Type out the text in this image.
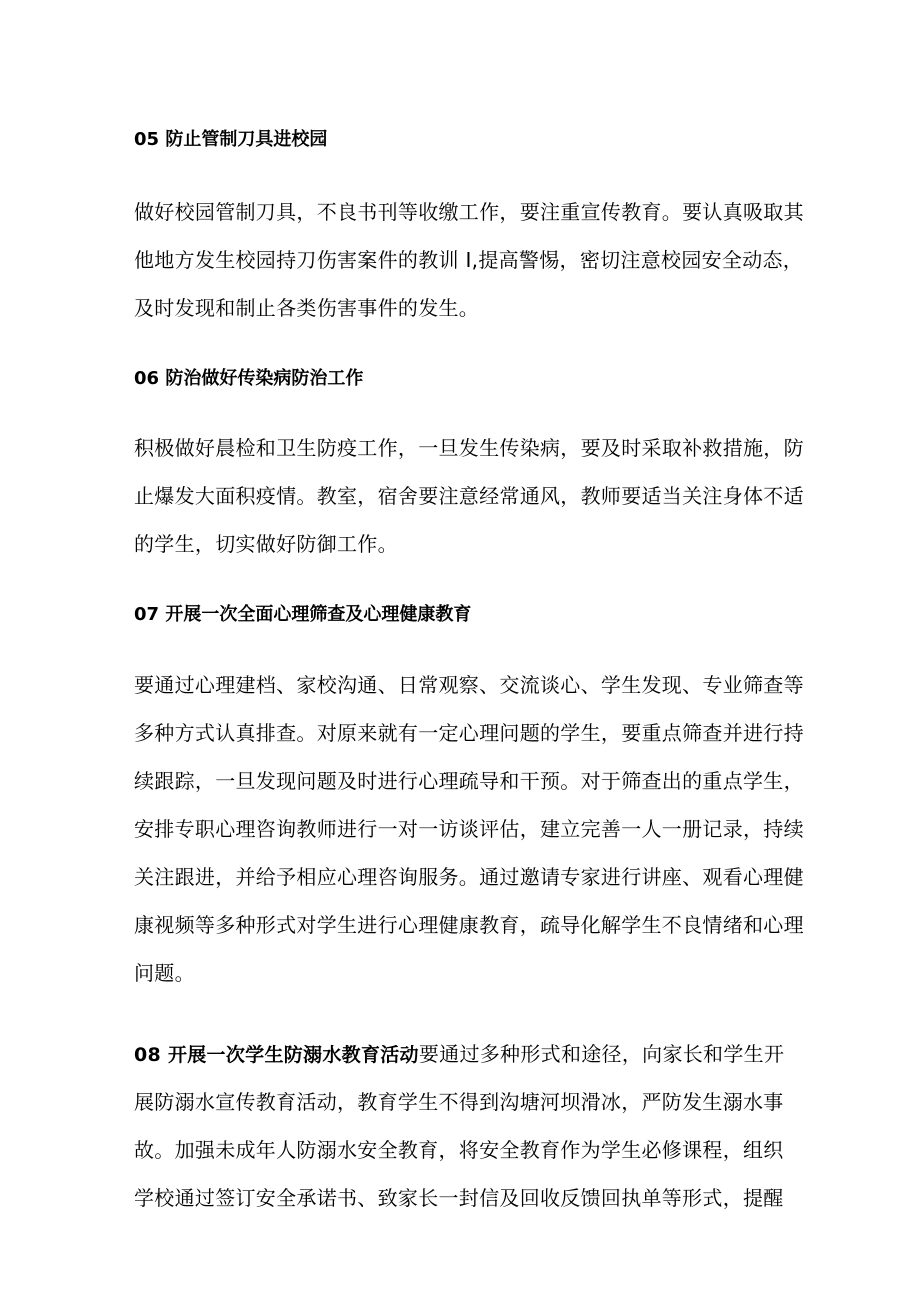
05 防止管制刀具进校园
做好校园管制刀具，不良书刊等收缴工作，要注重宣传教育。要认真吸取其
他地方发生校园持刀伤害案件的教训 I,提高警惕，密切注意校园安全动态，
及时发现和制止各类伤害事件的发生。
06 防治做好传染病防治工作
积极做好晨检和卫生防疫工作，一旦发生传染病，要及时采取补救措施，防
止爆发大面积疫情。教室，宿舍要注意经常通风，教师要适当关注身体不适
的学生，切实做好防御工作。
07 开展一次全面心理筛查及心理健康教育
要通过心理建档、家校沟通、日常观察、交流谈心、学生发现、专业筛查等
多种方式认真排查。对原来就有一定心理问题的学生，要重点筛查并进行持
续跟踪，一旦发现问题及时进行心理疏导和干预。对于筛查出的重点学生，
安排专职心理咨询教师进行一对一访谈评估，建立完善一人一册记录，持续
关注跟进，并给予相应心理咨询服务。通过邀请专家进行讲座、观看心理健
康视频等多种形式对学生进行心理健康教育，疏导化解学生不良情绪和心理
问题。
08 开展一次学生防溺水教育活动要通过多种形式和途径，向家长和学生开
展防溺水宣传教育活动，教育学生不得到沟塘河坝滑冰，严防发生溺水事
故。加强未成年人防溺水安全教育，将安全教育作为学生必修课程，组织
学校通过签订安全承诺书、致家长一封信及回收反馈回执单等形式，提醒
